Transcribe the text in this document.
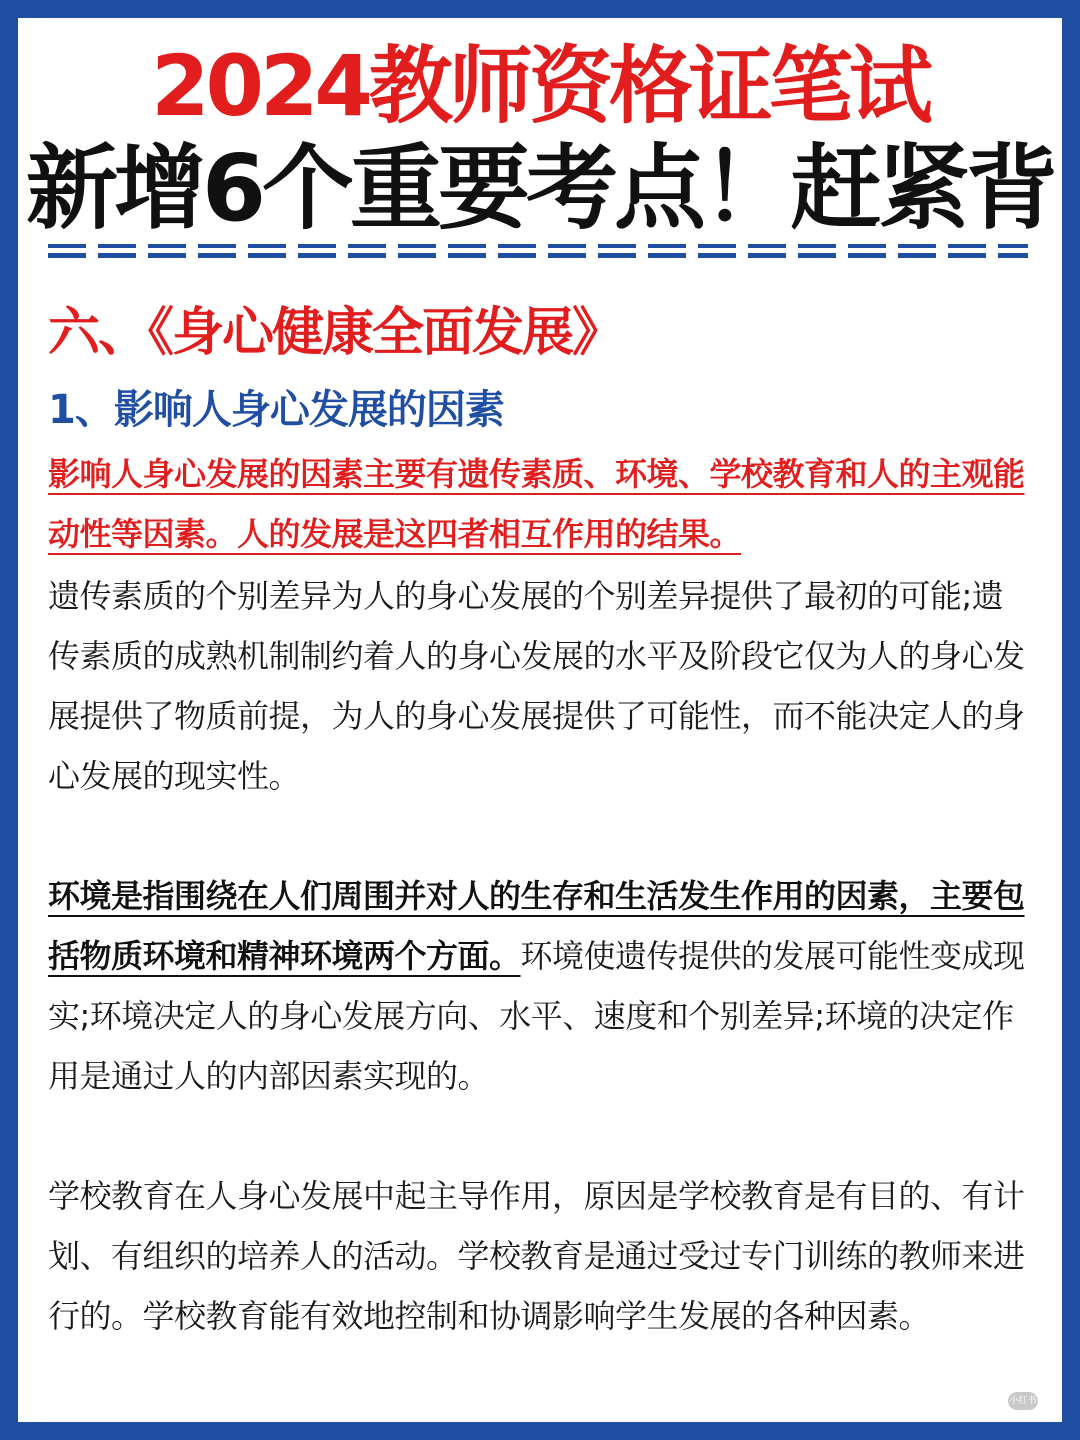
2024教师资格证笔试
新增6个重要考点！赶紧背
六、《身心健康全面发展》
1、影响人身心发展的因素
影响人身心发展的因素主要有遗传素质、环境、学校教育和人的主观能动性等因素。人的发展是这四者相互作用的结果。
遗传素质的个别差异为人的身心发展的个别差异提供了最初的可能;遗传素质的成熟机制制约着人的身心发展的水平及阶段它仅为人的身心发展提供了物质前提，为人的身心发展提供了可能性，而不能决定人的身心发展的现实性。
环境是指围绕在人们周围并对人的生存和生活发生作用的因素，主要包括物质环境和精神环境两个方面。环境使遗传提供的发展可能性变成现实;环境决定人的身心发展方向、水平、速度和个别差异;环境的决定作用是通过人的内部因素实现的。
学校教育在人身心发展中起主导作用，原因是学校教育是有目的、有计划、有组织的培养人的活动。学校教育是通过受过专门训练的教师来进行的。学校教育能有效地控制和协调影响学生发展的各种因素。
小红书
